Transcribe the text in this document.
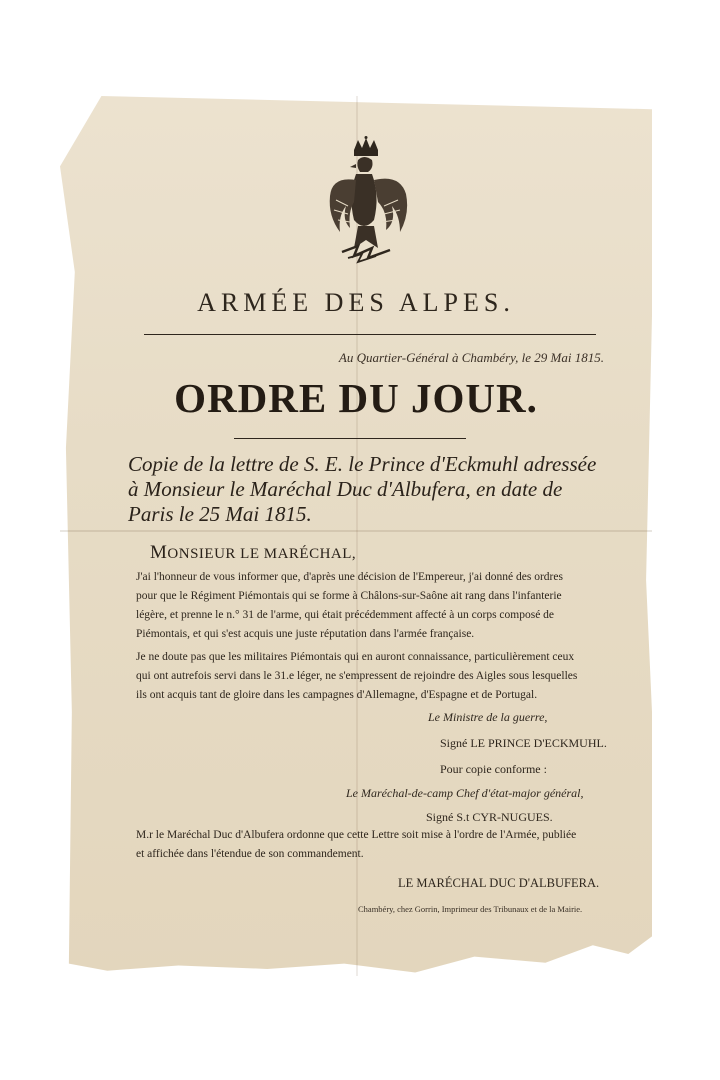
ARMÉE DES ALPES.
Au Quartier-Général à Chambéry, le 29 Mai 1815.
ORDRE DU JOUR.
Copie de la lettre de S. E. le Prince d'Eckmuhl adressée
à Monsieur le Maréchal Duc d'Albufera, en date de
Paris le 25 Mai 1815.
MONSIEUR LE MARÉCHAL,
J'ai l'honneur de vous informer que, d'après une décision de l'Empereur, j'ai donné des ordres
pour que le Régiment Piémontais qui se forme à Châlons-sur-Saône ait rang dans l'infanterie
légère, et prenne le n.° 31 de l'arme, qui était précédemment affecté à un corps composé de
Piémontais, et qui s'est acquis une juste réputation dans l'armée française.
Je ne doute pas que les militaires Piémontais qui en auront connaissance, particulièrement ceux
qui ont autrefois servi dans le 31.e léger, ne s'empressent de rejoindre des Aigles sous lesquelles
ils ont acquis tant de gloire dans les campagnes d'Allemagne, d'Espagne et de Portugal.
Le Ministre de la guerre,
Signé LE PRINCE D'ECKMUHL.
Pour copie conforme :
Le Maréchal-de-camp Chef d'état-major général,
Signé S.t CYR-NUGUES.
M.r le Maréchal Duc d'Albufera ordonne que cette Lettre soit mise à l'ordre de l'Armée, publiée
et affichée dans l'étendue de son commandement.
LE MARÉCHAL DUC D'ALBUFERA.
Chambéry, chez Gorrin, Imprimeur des Tribunaux et de la Mairie.
